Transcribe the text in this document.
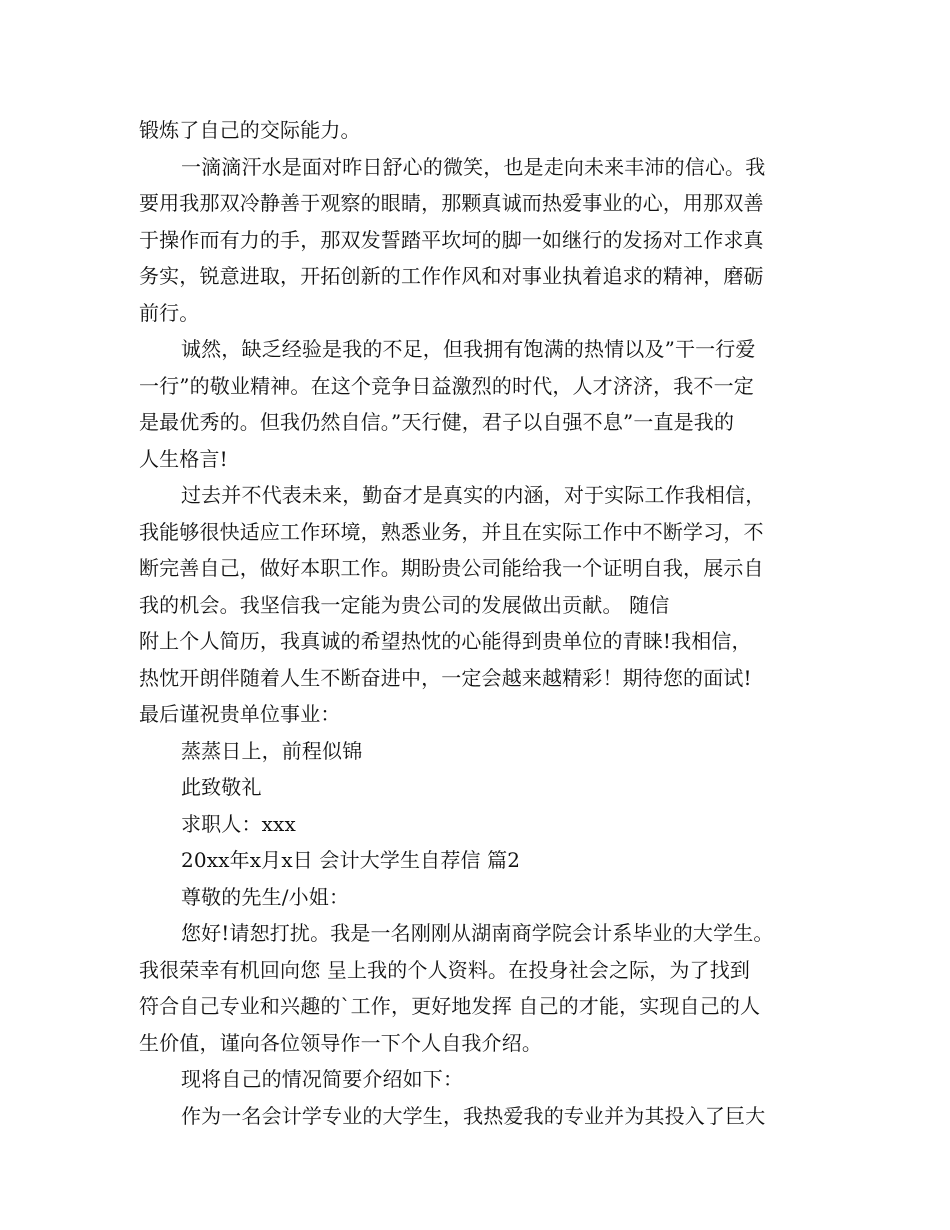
锻炼了自己的交际能力。

一滴滴汗水是面对昨日舒心的微笑，也是走向未来丰沛的信心。我

要用我那双冷静善于观察的眼睛，那颗真诚而热爱事业的心，用那双善

于操作而有力的手，那双发誓踏平坎坷的脚一如继行的发扬对工作求真

务实，锐意进取，开拓创新的工作作风和对事业执着追求的精神，磨砺

前行。

诚然，缺乏经验是我的不足，但我拥有饱满的热情以及”干一行爱

一行”的敬业精神。在这个竞争日益激烈的时代，人才济济，我不一定

是最优秀的。但我仍然自信。”天行健，君子以自强不息”一直是我的

人生格言!

过去并不代表未来，勤奋才是真实的内涵，对于实际工作我相信，

我能够很快适应工作环境，熟悉业务，并且在实际工作中不断学习，不

断完善自己，做好本职工作。期盼贵公司能给我一个证明自我，展示自

我的机会。我坚信我一定能为贵公司的发展做出贡献。 随信

附上个人简历，我真诚的希望热忱的心能得到贵单位的青睐!我相信，

热忱开朗伴随着人生不断奋进中，一定会越来越精彩！期待您的面试!

最后谨祝贵单位事业：

蒸蒸日上，前程似锦

此致敬礼

求职人：xxx

20xx年x月x日 会计大学生自荐信 篇2

尊敬的先生/小姐：

您好!请恕打扰。我是一名刚刚从湖南商学院会计系毕业的大学生。

我很荣幸有机回向您 呈上我的个人资料。在投身社会之际，为了找到

符合自己专业和兴趣的`工作，更好地发挥 自己的才能，实现自己的人

生价值，谨向各位领导作一下个人自我介绍。

现将自己的情况简要介绍如下：

作为一名会计学专业的大学生，我热爱我的专业并为其投入了巨大
